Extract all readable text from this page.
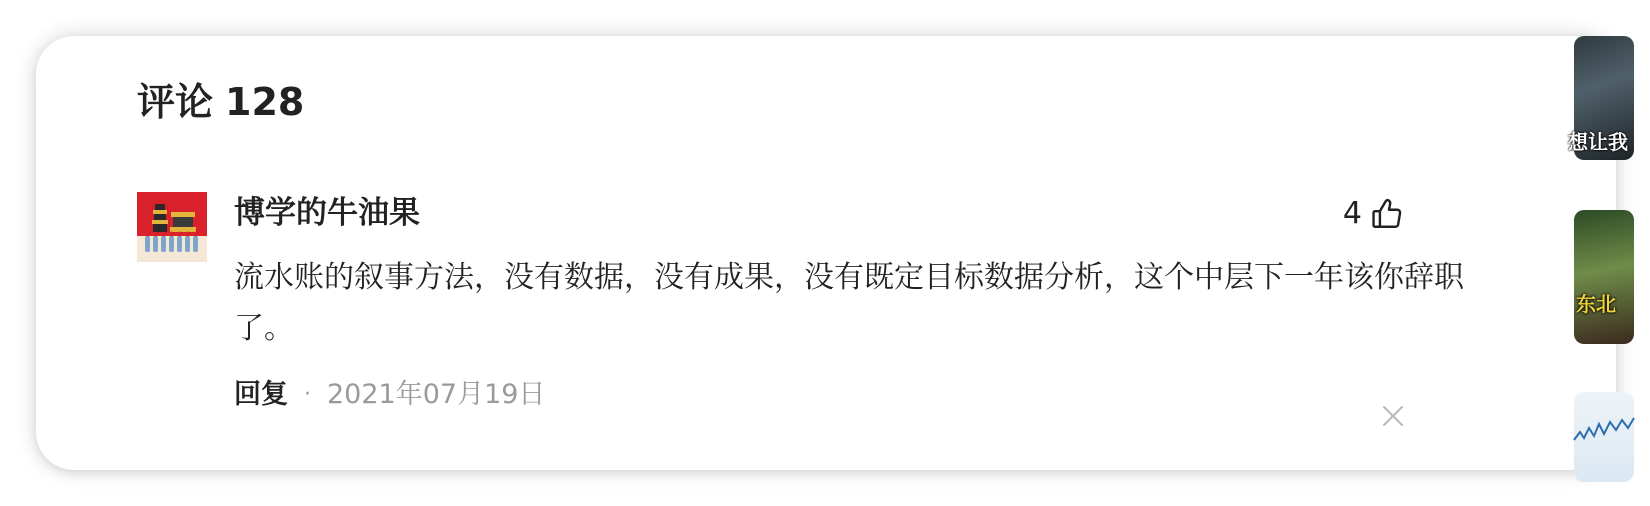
评论 128
博学的牛油果	4
流水账的叙事方法，没有数据，没有成果，没有既定目标数据分析，这个中层下一年该你辞职了。
回复 · 2021年07月19日
想让我
东北
